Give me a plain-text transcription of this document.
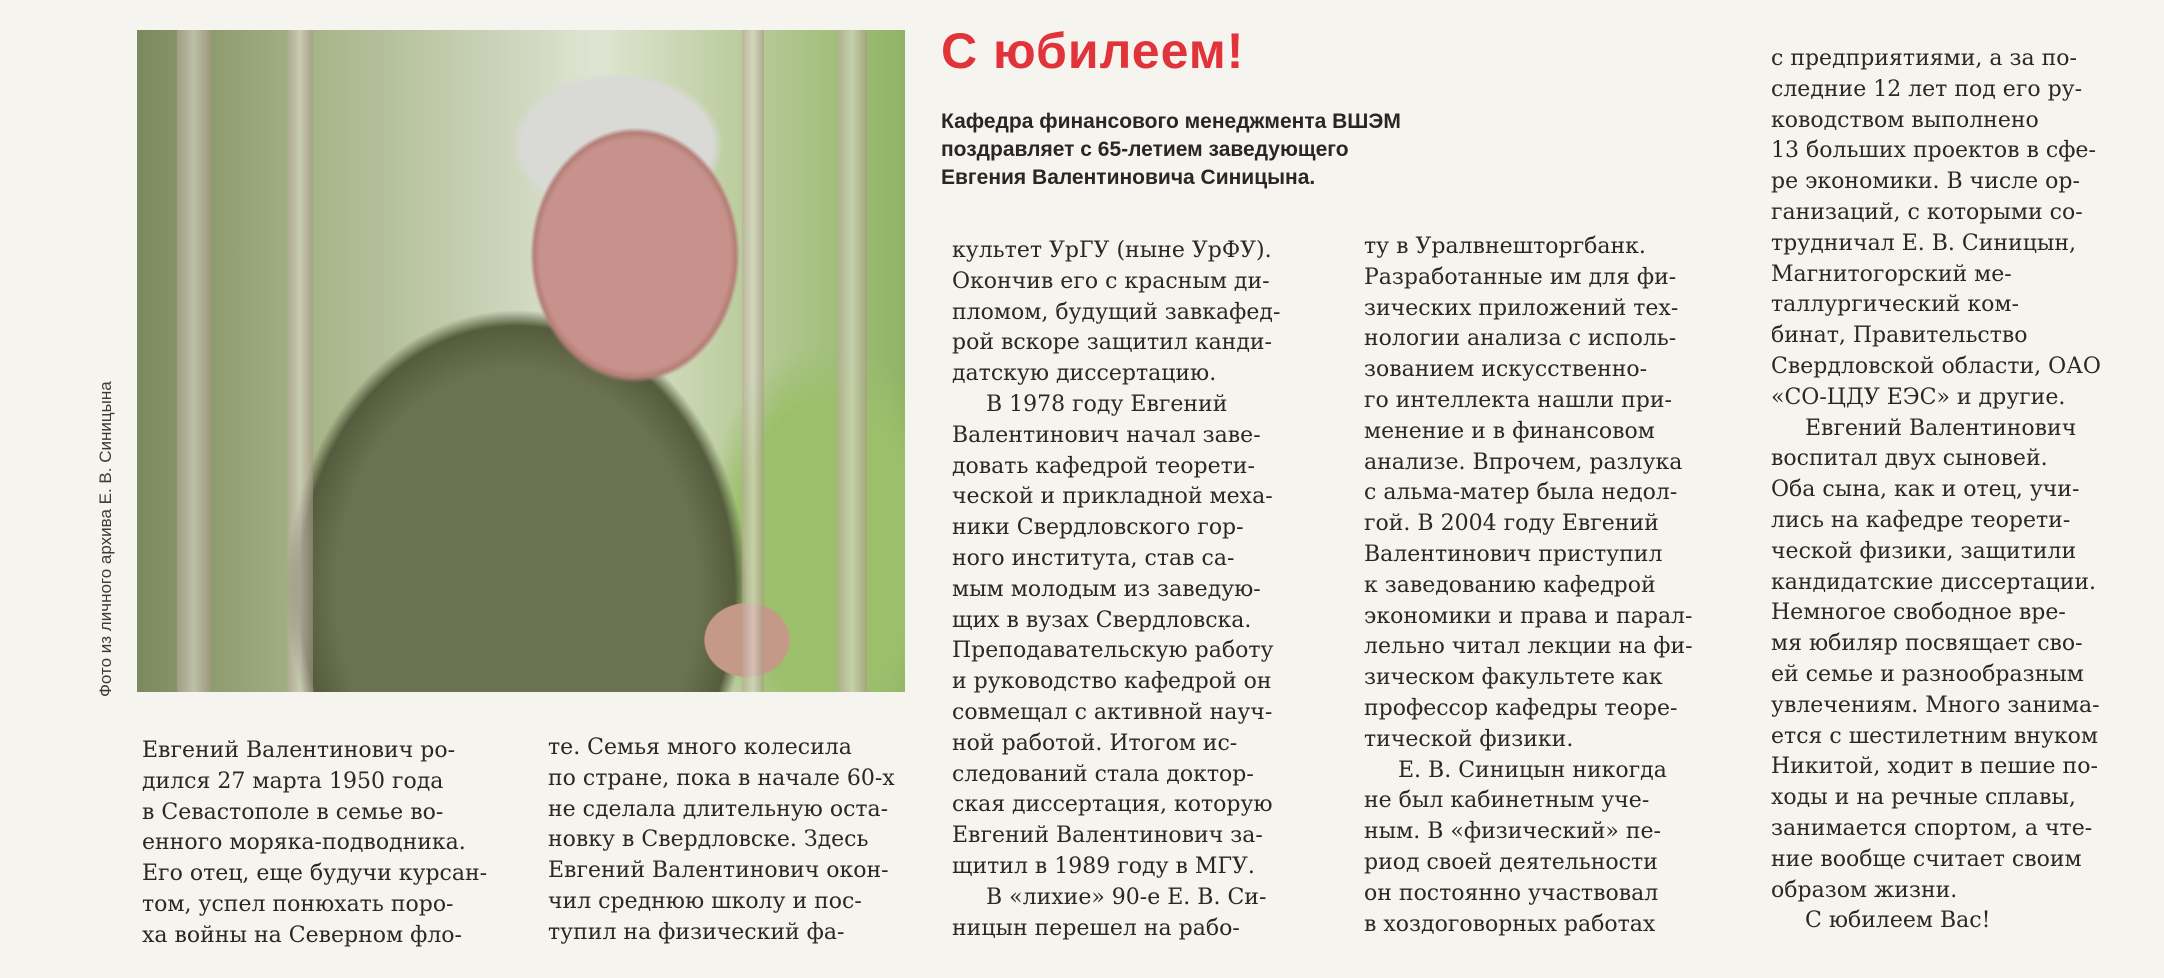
Фото из личного архива Е. В. Синицына
С юбилеем!
Кафедра финансового менеджмента ВШЭМ
поздравляет с 65-летием заведующего
Евгения Валентиновича Синицына.
Евгений Валентинович ро-
дился 27 марта 1950 года
в Севастополе в семье во-
енного моряка-подводника.
Его отец, еще будучи курсан-
том, успел понюхать поро-
ха войны на Северном фло-
те. Семья много колесила
по стране, пока в начале 60-х
не сделала длительную оста-
новку в Свердловске. Здесь
Евгений Валентинович окон-
чил среднюю школу и пос-
тупил на физический фа-
культет УрГУ (ныне УрФУ).
Окончив его с красным ди-
пломом, будущий завкафед-
рой вскоре защитил канди-
датскую диссертацию.
В 1978 году Евгений
Валентинович начал заве-
довать кафедрой теорети-
ческой и прикладной меха-
ники Свердловского гор-
ного института, став са-
мым молодым из заведую-
щих в вузах Свердловска.
Преподавательскую работу
и руководство кафедрой он
совмещал с активной науч-
ной работой. Итогом ис-
следований стала доктор-
ская диссертация, которую
Евгений Валентинович за-
щитил в 1989 году в МГУ.
В «лихие» 90-е Е. В. Си-
ницын перешел на рабо-
ту в Уралвнешторгбанк.
Разработанные им для фи-
зических приложений тех-
нологии анализа с исполь-
зованием искусственно-
го интеллекта нашли при-
менение и в финансовом
анализе. Впрочем, разлука
с альма-матер была недол-
гой. В 2004 году Евгений
Валентинович приступил
к заведованию кафедрой
экономики и права и парал-
лельно читал лекции на фи-
зическом факультете как
профессор кафедры теоре-
тической физики.
Е. В. Синицын никогда
не был кабинетным уче-
ным. В «физический» пе-
риод своей деятельности
он постоянно участвовал
в хоздоговорных работах
с предприятиями, а за по-
следние 12 лет под его ру-
ководством выполнено
13 больших проектов в сфе-
ре экономики. В числе ор-
ганизаций, с которыми со-
трудничал Е. В. Синицын,
Магнитогорский ме-
таллургический ком-
бинат, Правительство
Свердловской области, ОАО
«СО-ЦДУ ЕЭС» и другие.
Евгений Валентинович
воспитал двух сыновей.
Оба сына, как и отец, учи-
лись на кафедре теорети-
ческой физики, защитили
кандидатские диссертации.
Немногое свободное вре-
мя юбиляр посвящает сво-
ей семье и разнообразным
увлечениям. Много занима-
ется с шестилетним внуком
Никитой, ходит в пешие по-
ходы и на речные сплавы,
занимается спортом, а чте-
ние вообще считает своим
образом жизни.
С юбилеем Вас!
